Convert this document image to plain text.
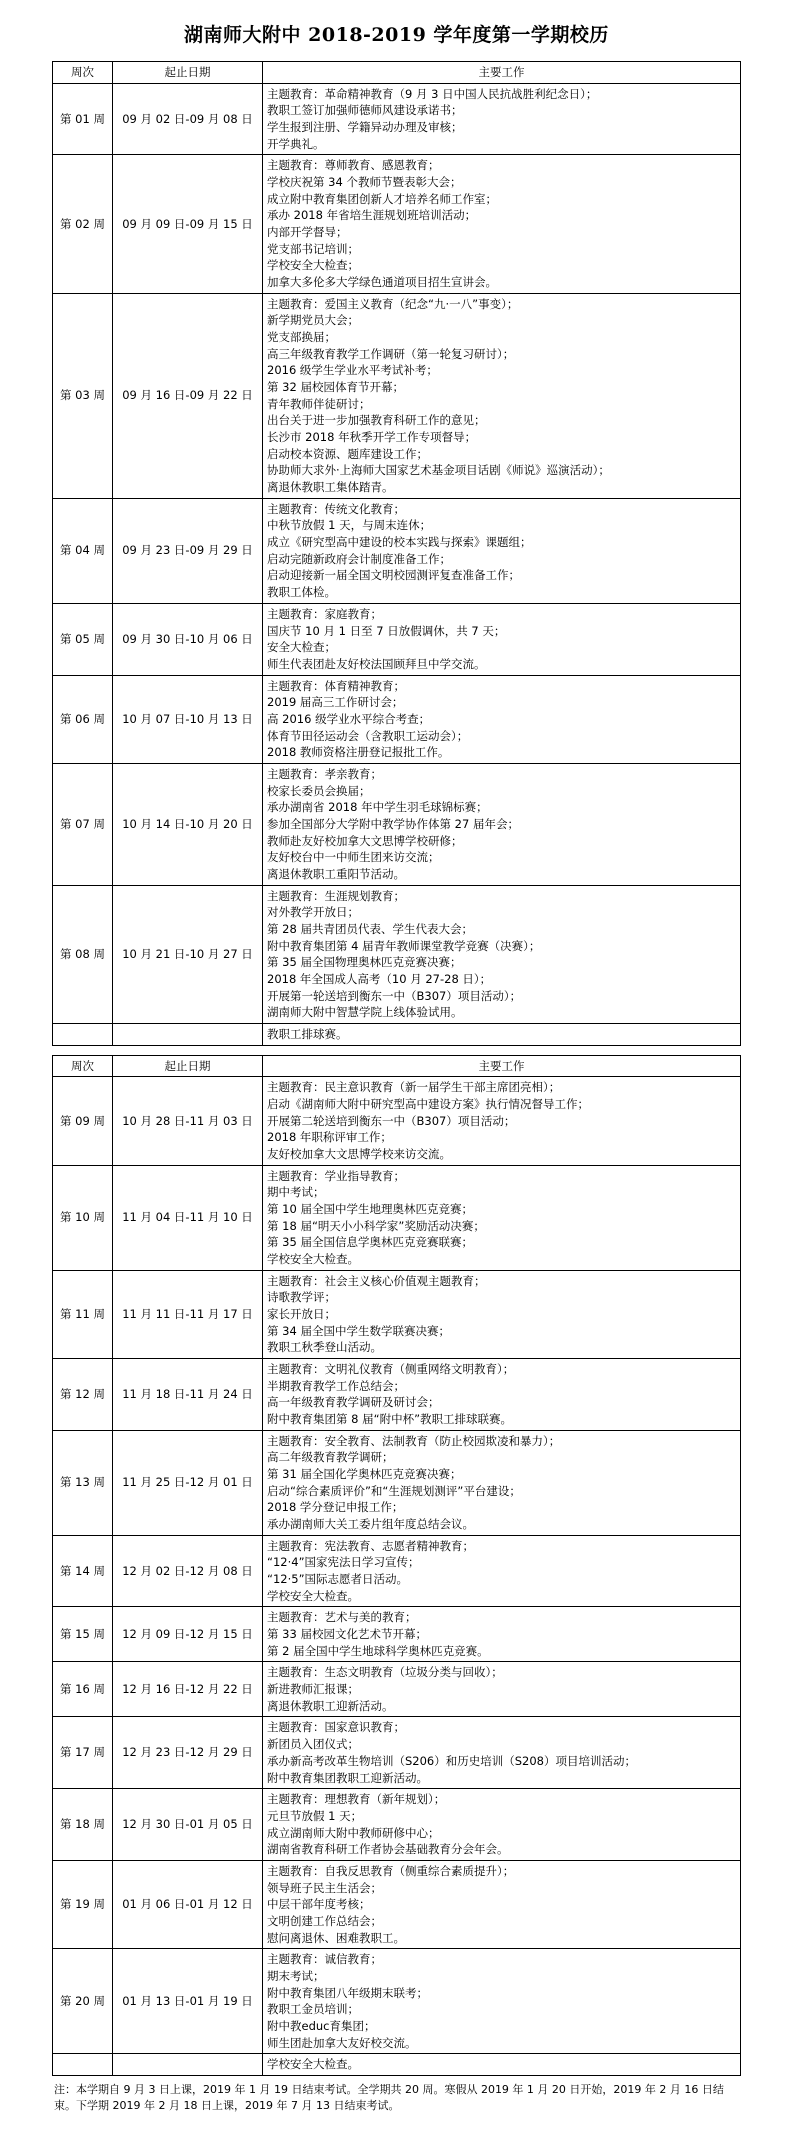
湖南师大附中 2018-2019 学年度第一学期校历
周次	起止日期	主要工作
第 01 周	09 月 02 日-09 月 08 日	主题教育：革命精神教育（9 月 3 日中国人民抗战胜利纪念日）；
教职工签订加强师德师风建设承诺书；
学生报到注册、学籍异动办理及审核；
开学典礼。

第 02 周	09 月 09 日-09 月 15 日	
主题教育：尊师教育、感恩教育；
学校庆祝第 34 个教师节暨表彰大会；
成立附中教育集团创新人才培养名师工作室；
承办 2018 年省培生涯规划班培训活动；
内部开学督导；
党支部书记培训；
学校安全大检查；
加拿大多伦多大学绿色通道项目招生宣讲会。

第 03 周	09 月 16 日-09 月 22 日	
主题教育：爱国主义教育（纪念“九·一八”事变）；
新学期党员大会；
党支部换届；
高三年级教育教学工作调研（第一轮复习研讨）；
2016 级学生学业水平考试补考；
第 32 届校园体育节开幕；
青年教师伴徒研讨；
出台关于进一步加强教育科研工作的意见；
长沙市 2018 年秋季开学工作专项督导；
启动校本资源、题库建设工作；
协助师大求外·上海师大国家艺术基金项目话剧《师说》巡演活动）；
离退休教职工集体踏青。

第 04 周	09 月 23 日-09 月 29 日	
主题教育：传统文化教育；
中秋节放假 1 天，与周末连休；
成立《研究型高中建设的校本实践与探索》课题组；
启动完随新政府会计制度准备工作；
启动迎接新一届全国文明校园测评复查准备工作；
教职工体检。

第 05 周	09 月 30 日-10 月 06 日	主题教育：家庭教育；
国庆节 10 月 1 日至 7 日放假调休，共 7 天；
安全大检查；
师生代表团赴友好校法国顾拜旦中学交流。

第 06 周	10 月 07 日-10 月 13 日	主题教育：体育精神教育；
2019 届高三工作研讨会；
高 2016 级学业水平综合考查；
体育节田径运动会（含教职工运动会）；
2018 教师资格注册登记报批工作。

第 07 周	10 月 14 日-10 月 20 日	
主题教育：孝亲教育；
校家长委员会换届；
承办湖南省 2018 年中学生羽毛球锦标赛；
参加全国部分大学附中教学协作体第 27 届年会；
教师赴友好校加拿大文思博学校研修；
友好校台中一中师生团来访交流；
离退休教职工重阳节活动。

第 08 周	10 月 21 日-10 月 27 日	
主题教育：生涯规划教育；
对外教学开放日；
第 28 届共青团员代表、学生代表大会；
附中教育集团第 4 届青年教师课堂教学竞赛（决赛）；
第 35 届全国物理奥林匹克竞赛决赛；
2018 年全国成人高考（10 月 27-28 日）；
开展第一轮送培到衡东一中（B307）项目活动）；
湖南师大附中智慧学院上线体验试用。

		教职工排球赛。
周次	起止日期	主要工作
第 09 周	10 月 28 日-11 月 03 日	主题教育：民主意识教育（新一届学生干部主席团亮相）；
启动《湖南师大附中研究型高中建设方案》执行情况督导工作；
开展第二轮送培到衡东一中（B307）项目活动；
2018 年职称评审工作；
友好校加拿大文思博学校来访交流。

第 10 周	11 月 04 日-11 月 10 日	
主题教育：学业指导教育；
期中考试；
第 10 届全国中学生地理奥林匹克竞赛；
第 18 届“明天小小科学家”奖励活动决赛；
第 35 届全国信息学奥林匹克竞赛联赛；
学校安全大检查。

第 11 周	11 月 11 日-11 月 17 日	主题教育：社会主义核心价值观主题教育；
诗歌教学评；
家长开放日；
第 34 届全国中学生数学联赛决赛；
教职工秋季登山活动。

第 12 周	11 月 18 日-11 月 24 日	主题教育：文明礼仪教育（侧重网络文明教育）；
半期教育教学工作总结会；
高一年级教育教学调研及研讨会；
附中教育集团第 8 届“附中杯”教职工排球联赛。

第 13 周	11 月 25 日-12 月 01 日	
主题教育：安全教育、法制教育（防止校园欺凌和暴力）；
高二年级教育教学调研；
第 31 届全国化学奥林匹克竞赛决赛；
启动“综合素质评价”和“生涯规划测评”平台建设；
2018 学分登记申报工作；
承办湖南师大关工委片组年度总结会议。

第 14 周	12 月 02 日-12 月 08 日	主题教育：宪法教育、志愿者精神教育；
“12·4”国家宪法日学习宣传；
“12·5”国际志愿者日活动。
学校安全大检查。

第 15 周	12 月 09 日-12 月 15 日	主题教育：艺术与美的教育；
第 33 届校园文化艺术节开幕；
第 2 届全国中学生地球科学奥林匹克竞赛。

第 16 周	12 月 16 日-12 月 22 日	主题教育：生态文明教育（垃圾分类与回收）；
新进教师汇报课；
离退休教职工迎新活动。

第 17 周	12 月 23 日-12 月 29 日	主题教育：国家意识教育；
新团员入团仪式；
承办新高考改革生物培训（S206）和历史培训（S208）项目培训活动；
附中教育集团教职工迎新活动。

第 18 周	12 月 30 日-01 月 05 日	主题教育：理想教育（新年规划）；
元旦节放假 1 天；
成立湖南师大附中教师研修中心；
湖南省教育科研工作者协会基础教育分会年会。

第 19 周	01 月 06 日-01 月 12 日	主题教育：自我反思教育（侧重综合素质提升）；
领导班子民主生活会；
中层干部年度考核；
文明创建工作总结会；
慰问离退休、困难教职工。

第 20 周	01 月 13 日-01 月 19 日	
主题教育：诚信教育；
期末考试；
附中教育集团八年级期末联考；
教职工金员培训；
附中教educ育集团；
师生团赴加拿大友好校交流。

		学校安全大检查。
注：本学期自 9 月 3 日上课，2019 年 1 月 19 日结束考试。全学期共 20 周。寒假从 2019 年 1 月 20 日开始，2019 年 2 月 16 日结束。下学期 2019 年 2 月 18 日上课，2019 年 7 月 13 日结束考试。
